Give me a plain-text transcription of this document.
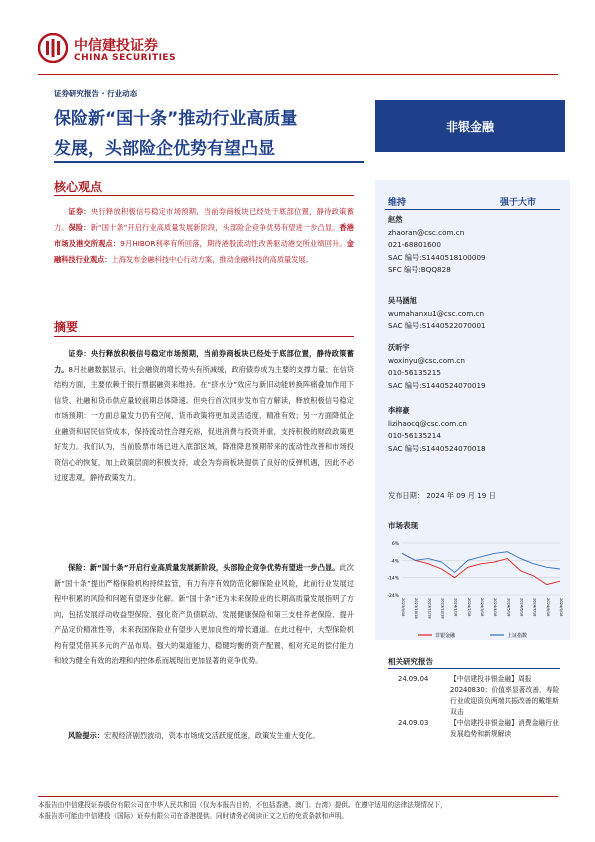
中信建投证券
CHINA SECURITIES
证券研究报告 · 行业动态
保险新“国十条”推动行业高质量
发展，头部险企优势有望凸显
非银金融
核心观点
证券：央行释放积极信号稳定市场预期，当前券商板块已经处于底部位置，静待政策蓄力。保险：新“国十条”开启行业高质量发展新阶段，头部险企竞争优势有望进一步凸显。香港市场及港交所观点：9月HIBOR利率有所回落，期待港股流动性改善驱动港交所业绩回升。金融科技行业观点：上海发布金融科技中心行动方案，推动金融科技的高质量发展。
摘要
证券：央行释放积极信号稳定市场预期，当前券商板块已经处于底部位置，静待政策蓄力。8月社融数据显示，社会融资的增长势头有所减缓，政府债券成为主要的支撑力量；在信贷结构方面，主要依赖于银行票据融资来维持。在“挤水分”效应与新旧动能转换阵痛叠加作用下信贷、社融和货币供应量较前期总体降速。但央行首次同步发布官方解读，释放积极信号稳定市场预期：一方面总量发力仍有空间，货币政策将更加灵活适度、精准有效；另一方面降低企业融资和居民信贷成本，保持流动性合理充裕，促进消费与投资并重，支持积极的财政政策更好发力。我们认为，当前股票市场已进入底部区域，降准降息预期带来的流动性改善和市场投资信心的恢复，加上政策层面的积极支持，或会为券商板块提供了良好的反弹机遇，因此不必过度悲观，静待政策发力。
保险：新“国十条”开启行业高质量发展新阶段，头部险企竞争优势有望进一步凸显。此次新“国十条”提出严格保险机构持续监管，有力有序有效防范化解保险业风险，此前行业发展过程中积累的风险和问题有望逐步化解。新“国十条”还为未来保险业的长期高质量发展指明了方向，包括发展浮动收益型保险、强化资产负债联动、发展健康保险和第三支柱养老保险、提升产品定价精准性等，未来我国保险业有望步入更加良性的增长通道。在此过程中，大型保险机构有望凭借其多元的产品布局、强大的渠道能力、稳健均衡的资产配置、相对充足的偿付能力和较为健全有效的治理和内控体系而展现出更加显著的竞争优势。
风险提示：宏观经济剧烈波动，资本市场成交活跃度低迷，政策发生重大变化。
维持	强于大市
赵然
zhaoran@csc.com.cn
021-68801600
SAC 编号:S1440518100009
SFC 编号:BQQ828
吴马涵旭
wumahanxu1@csc.com.cn
SAC 编号:S1440522070001
沃昕宇
woxinyu@csc.com.cn
010-56135215
SAC 编号:S1440524070019
李梓豪
lizihaocq@csc.com.cn
010-56135214
SAC 编号:S1440524070018
发布日期： 2024 年 09 月 19 日
市场表现
6%
-4%
-14%
-24%
2023/9/18	2023/10/18	2023/11/18	2023/12/18	2024/1/18	2024/2/18	2024/3/18	2024/4/18	2024/5/18	2024/6/18	2024/7/18	2024/8/18	2024/9/18
非银金融	上证指数
相关研究报告
24.09.04	【中信建投非银金融】周报20240830：价值率显著改善，寿险行业或迎资负两端共振改善的戴维斯双击
24.09.03	【中信建投非银金融】消费金融行业发展趋势和新规解读
本报告由中信建投证券股份有限公司在中华人民共和国（仅为本报告目的，不包括香港、澳门、台湾）提供。在遵守适用的法律法规情况下，
本报告亦可能由中信建投（国际）证券有限公司在香港提供。同时请务必阅读正文之后的免责条款和声明。
